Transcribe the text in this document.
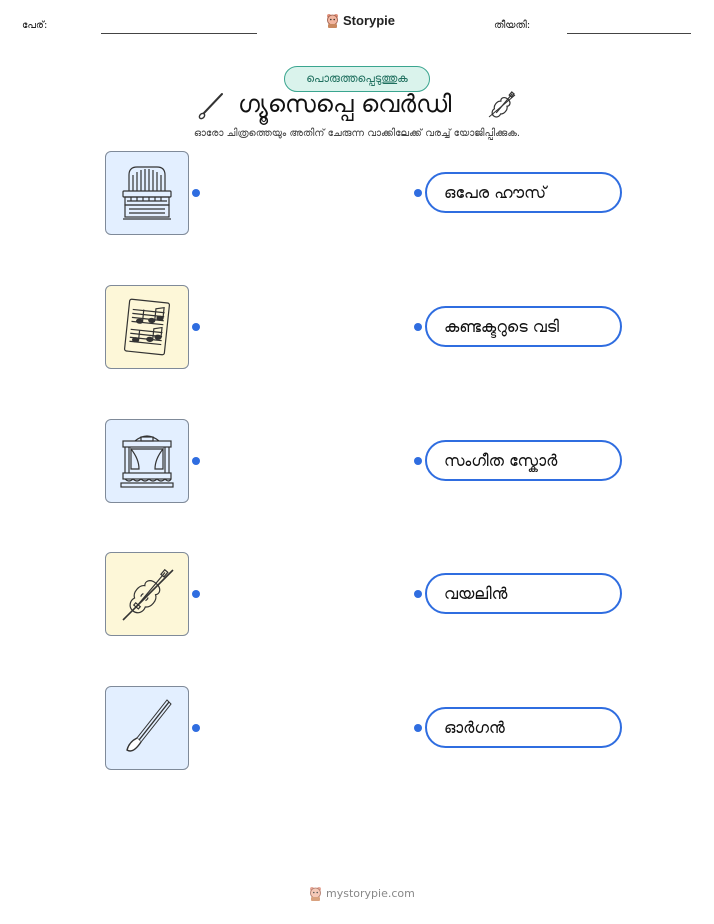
പേര്:	Storypie	തീയതി:
പൊരുത്തപ്പെടുത്തുക
ഗ്യൂസെപ്പെ വെർഡി
ഓരോ ചിത്രത്തെയും അതിന് ചേരുന്ന വാക്കിലേക്ക് വരച്ച് യോജിപ്പിക്കുക.
ഒപേര ഹൗസ്
കണ്ടക്ടറുടെ വടി
സംഗീത സ്കോർ
വയലിൻ
ഓർഗൻ
mystorypie.com
